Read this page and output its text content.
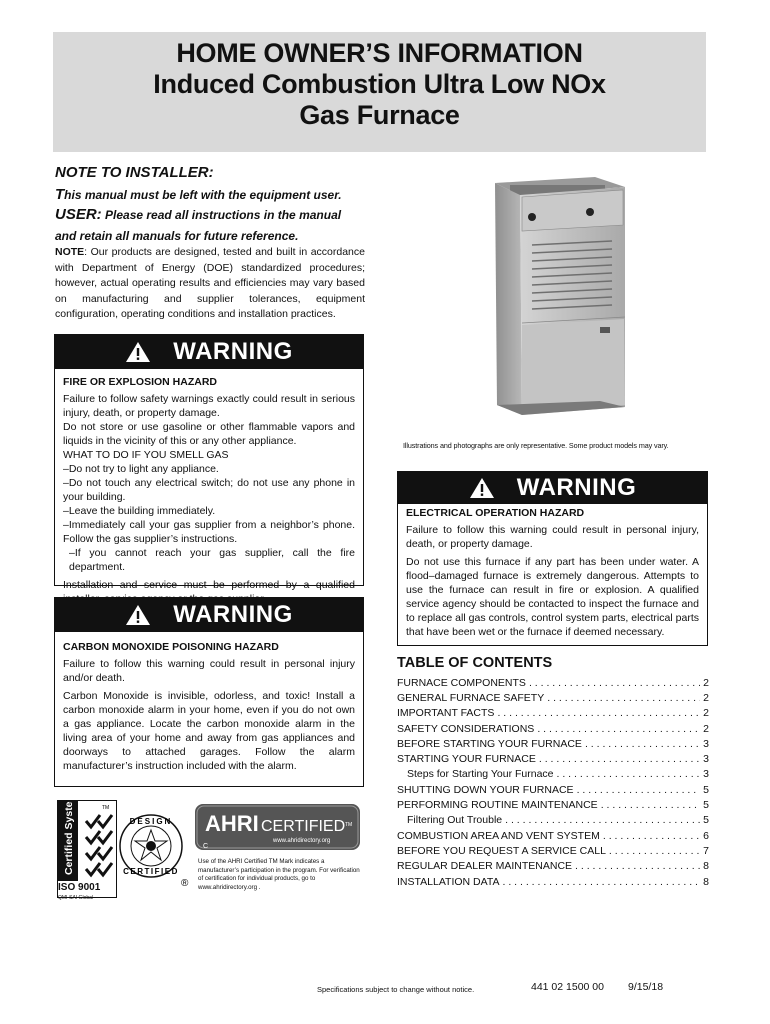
HOME OWNER’S INFORMATION
Induced Combustion Ultra Low NOx
Gas Furnace
NOTE TO INSTALLER:
This manual must be left with the equipment user.
USER: Please read all instructions in the manual
and retain all manuals for future reference.
NOTE: Our products are designed, tested and built in accordance with Department of Energy (DOE) standardized procedures; however, actual operating results and efficiencies may vary based on manufacturing and supplier tolerances, equipment configuration, operating conditions and installation practices.
WARNING
FIRE OR EXPLOSION HAZARD

Failure to follow safety warnings exactly could result in serious injury, death, or property damage.

Do not store or use gasoline or other flammable vapors and liquids in the vicinity of this or any other appliance.

WHAT TO DO IF YOU SMELL GAS

–Do not try to light any appliance.

–Do not touch any electrical switch; do not use any phone in your building.

–Leave the building immediately.

–Immediately call your gas supplier from a neighbor’s phone. Follow the gas supplier’s instructions.

–If you cannot reach your gas supplier, call the fire department.

Installation and service must be performed by a qualified

WARNING
CARBON MONOXIDE POISONING HAZARD

Failure to follow this warning could result in personal injury and/or death.

Carbon Monoxide is invisible, odorless, and toxic! Install a carbon monoxide alarm in your home, even if you do not own a gas appliance. Locate the carbon monoxide alarm in the living area of your home and away from gas appliances and doorways to attached garages. Follow the alarm manufacturer’s instruction included with the alarm.

Illustrations and photographs are only representative. Some product models may vary.
WARNING
ELECTRICAL OPERATION HAZARD

Failure to follow this warning could result in personal injury, death, or property damage.

Do not use this furnace if any part has been under water. A flood–damaged furnace is extremely dangerous. Attempts to use the furnace can result in fire or explosion. A qualified service agency should be contacted to inspect the furnace and to replace all gas controls, control system parts, electrical parts that have been wet or the furnace if deemed necessary.

TABLE OF CONTENTS
FURNACE COMPONENTS . . .	2
GENERAL FURNACE SAFETY . . .	2
IMPORTANT FACTS . . .	2
SAFETY CONSIDERATIONS . . .	2
BEFORE STARTING YOUR FURNACE . . .	3
STARTING YOUR FURNACE . . .	3
Steps for Starting Your Furnace . . .	3
SHUTTING DOWN YOUR FURNACE . . .	5
PERFORMING ROUTINE MAINTENANCE . . .	5
Filtering Out Trouble . . .	5
COMBUSTION AREA AND VENT SYSTEM . . .	6
BEFORE YOU REQUEST A SERVICE CALL . . .	7
REGULAR DEALER MAINTENANCE . . .	8
INSTALLATION DATA . . .	8
Certified System	TM
ISO 9001
QMI-SAI Global
DESIGN
CERTIFIED
®
AHRI CERTIFIED TM
www.ahridirectory.org
C
Use of the AHRI Certified TM Mark indicates a manufacturer’s participation in the program. For verification of certification for individual products, go to www.ahridirectory.org .
Specifications subject to change without notice.	441 02 1500 00 9/15/18
